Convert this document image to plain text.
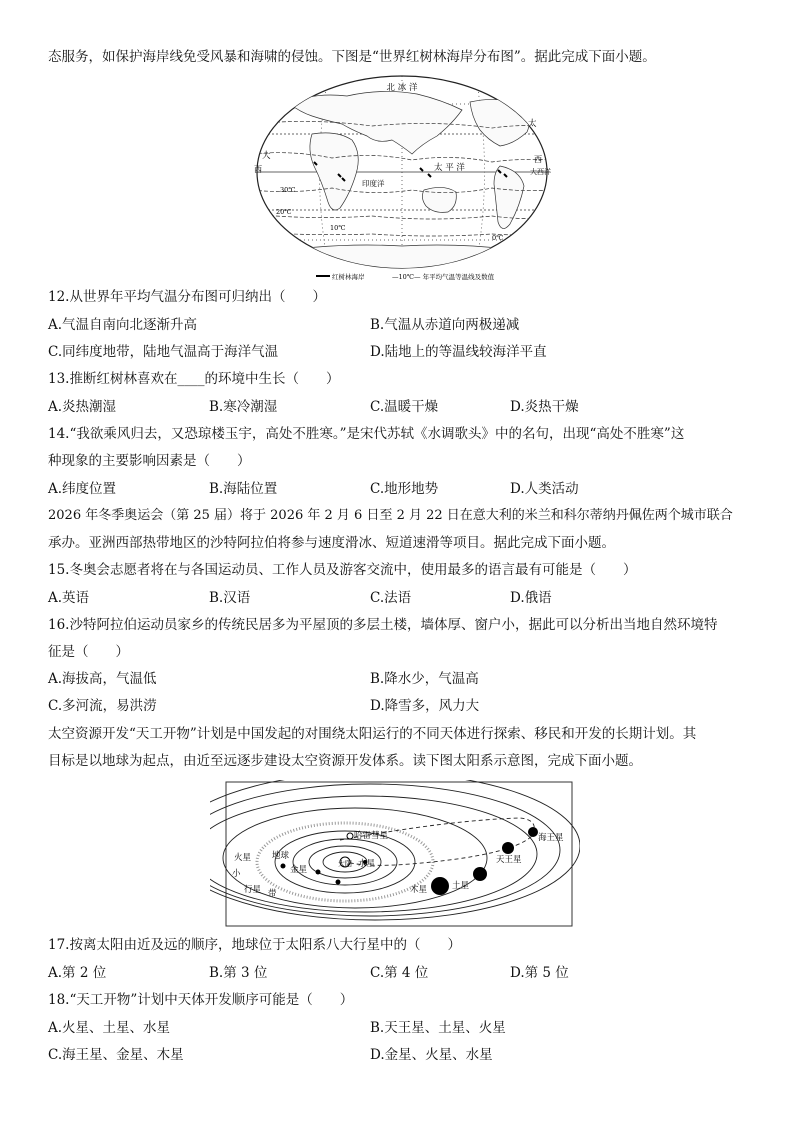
态服务，如保护海岸线免受风暴和海啸的侵蚀。下图是“世界红树林海岸分布图”。据此完成下面小题。
北 冰 洋
太
太 平 洋
印度洋
大
西
西
大西洋
30℃
20℃
10℃
0℃
红树林海岸	—10℃— 年平均气温等温线及数值
12.从世界年平均气温分布图可归纳出（　　）
A.气温自南向北逐渐升高	B.气温从赤道向两极递减
C.同纬度地带，陆地气温高于海洋气温	D.陆地上的等温线较海洋平直
13.推断红树林喜欢在____的环境中生长（　　）
A.炎热潮湿	B.寒冷潮湿	C.温暖干燥	D.炎热干燥
14.“我欲乘风归去，又恐琼楼玉宇，高处不胜寒。”是宋代苏轼《水调歌头》中的名句，出现“高处不胜寒”这
种现象的主要影响因素是（　　）
A.纬度位置	B.海陆位置	C.地形地势	D.人类活动
2026 年冬季奥运会（第 25 届）将于 2026 年 2 月 6 日至 2 月 22 日在意大利的米兰和科尔蒂纳丹佩佐两个城市联合
承办。亚洲西部热带地区的沙特阿拉伯将参与速度滑冰、短道速滑等项目。据此完成下面小题。
15.冬奥会志愿者将在与各国运动员、工作人员及游客交流中，使用最多的语言最有可能是（　　）
A.英语	B.汉语	C.法语	D.俄语
16.沙特阿拉伯运动员家乡的传统民居多为平屋顶的多层土楼，墙体厚、窗户小，据此可以分析出当地自然环境特
征是（　　）
A.海拔高，气温低	B.降水少，气温高
C.多河流，易洪涝	D.降雪多，风力大
太空资源开发“天工开物”计划是中国发起的对围绕太阳运行的不同天体进行探索、移民和开发的长期计划。其
目标是以地球为起点，由近至远逐步建设太空资源开发体系。读下图太阳系示意图，完成下面小题。
哈雷彗星	海王星
天王星
土星
木星
火星 地球
金星
水星
太阳
小
行星 带
17.按离太阳由近及远的顺序，地球位于太阳系八大行星中的（　　）
A.第 2 位	B.第 3 位	C.第 4 位	D.第 5 位
18.“天工开物”计划中天体开发顺序可能是（　　）
A.火星、土星、水星	B.天王星、土星、火星
C.海王星、金星、木星	D.金星、火星、水星
